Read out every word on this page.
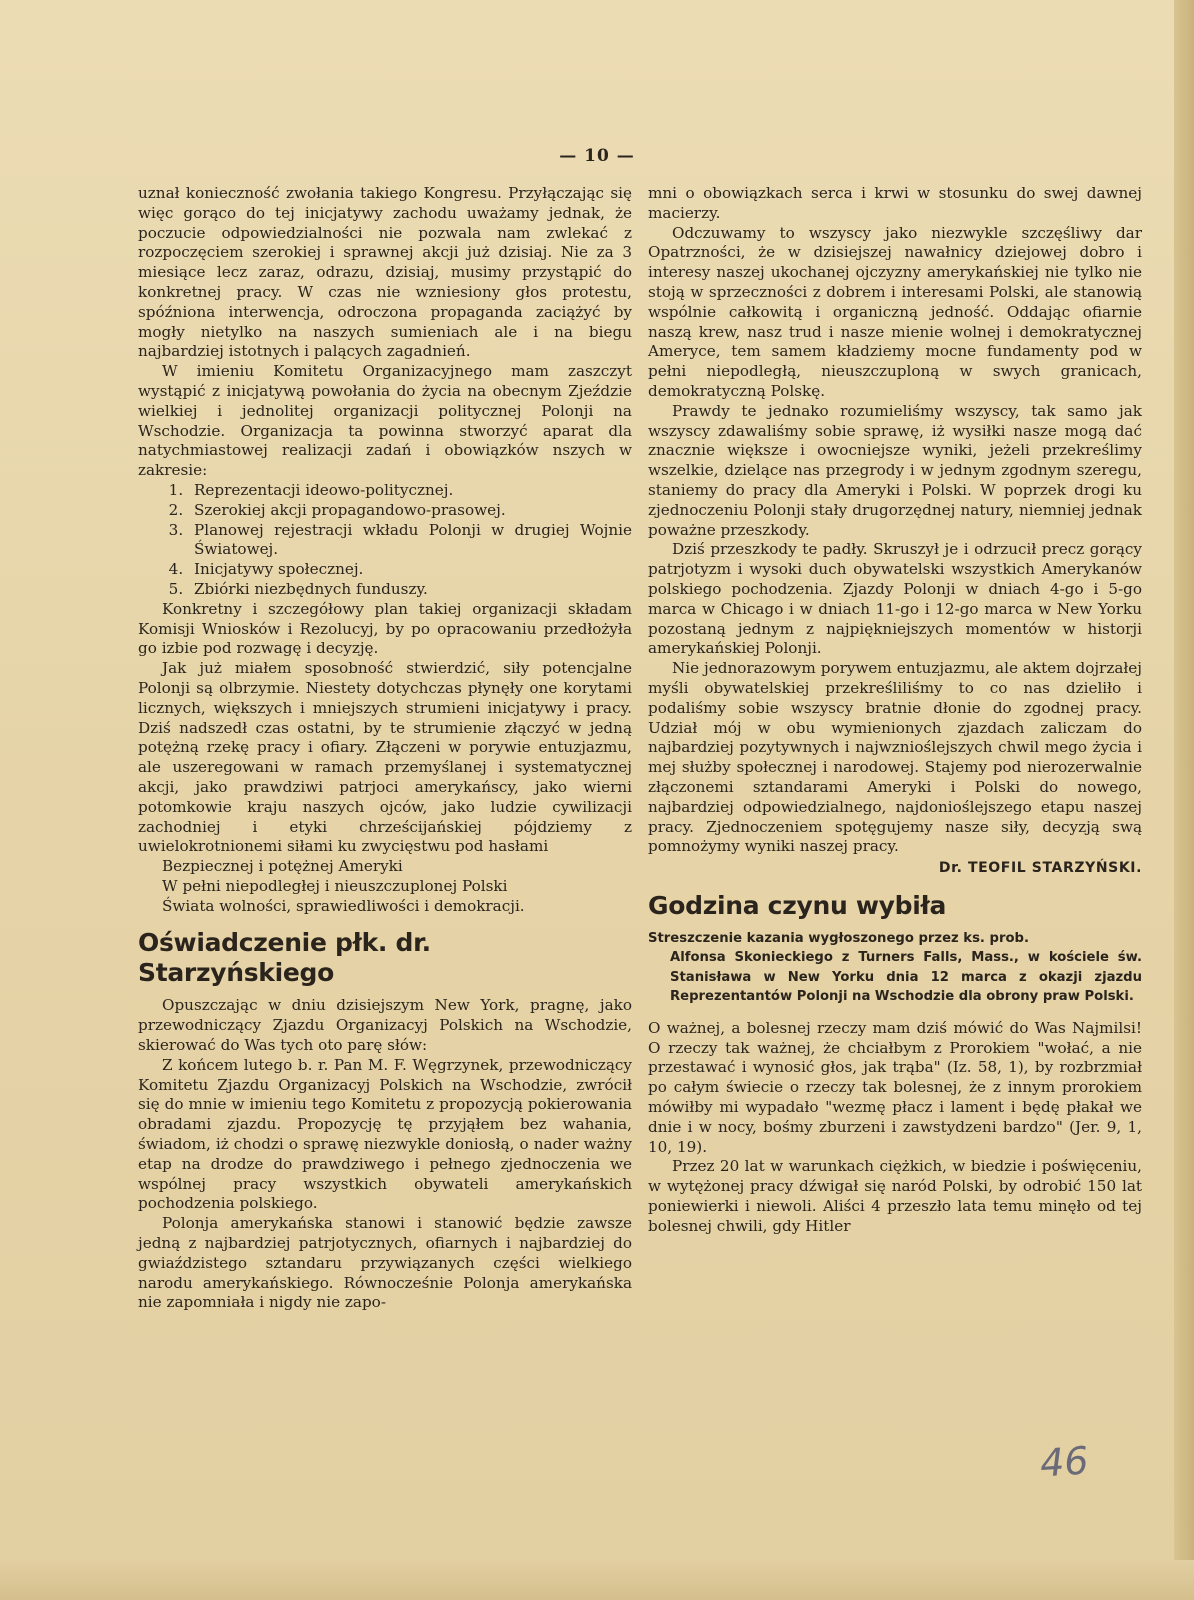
— 10 —

uznał konieczność zwołania takiego Kongresu. Przyłączając się więc gorąco do tej inicjatywy zachodu uważamy jednak, że poczucie odpowiedzialności nie pozwala nam zwlekać z rozpoczęciem szerokiej i sprawnej akcji już dzisiaj. Nie za 3 miesiące lecz zaraz, odrazu, dzisiaj, musimy przystąpić do konkretnej pracy. W czas nie wzniesiony głos protestu, spóźniona interwencja, odroczona propaganda zaciążyć by mogły nietylko na naszych sumieniach ale i na biegu najbardziej istotnych i palących zagadnień.

W imieniu Komitetu Organizacyjnego mam zaszczyt wystąpić z inicjatywą powołania do życia na obecnym Zjeździe wielkiej i jednolitej organizacji politycznej Polonji na Wschodzie. Organizacja ta powinna stworzyć aparat dla natychmiastowej realizacji zadań i obowiązków nszych w zakresie:

1. Reprezentacji ideowo-politycznej.
2. Szerokiej akcji propagandowo-prasowej.
3. Planowej rejestracji wkładu Polonji w drugiej Wojnie Światowej.
4. Inicjatywy społecznej.
5. Zbiórki niezbędnych funduszy.

Konkretny i szczegółowy plan takiej organizacji składam Komisji Wniosków i Rezolucyj, by po opracowaniu przedłożyła go izbie pod rozwagę i decyzję.

Jak już miałem sposobność stwierdzić, siły potencjalne Polonji są olbrzymie. Niestety dotychczas płynęły one korytami licznych, większych i mniejszych strumieni inicjatywy i pracy. Dziś nadszedł czas ostatni, by te strumienie złączyć w jedną potężną rzekę pracy i ofiary. Złączeni w porywie entuzjazmu, ale uszeregowani w ramach przemyślanej i systematycznej akcji, jako prawdziwi patrjoci amerykańscy, jako wierni potomkowie kraju naszych ojców, jako ludzie cywilizacji zachodniej i etyki chrześcijańskiej pójdziemy z uwielokrotnionemi siłami ku zwycięstwu pod hasłami

Bezpiecznej i potężnej Ameryki

W pełni niepodległej i nieuszczuplonej Polski

Świata wolności, sprawiedliwości i demokracji.

Oświadczenie płk. dr. Starzyńskiego

Opuszczając w dniu dzisiejszym New York, pragnę, jako przewodniczący Zjazdu Organizacyj Polskich na Wschodzie, skierować do Was tych oto parę słów:

Z końcem lutego b. r. Pan M. F. Węgrzynek, przewodniczący Komitetu Zjazdu Organizacyj Polskich na Wschodzie, zwrócił się do mnie w imieniu tego Komitetu z propozycją pokierowania obradami zjazdu. Propozycję tę przyjąłem bez wahania, świadom, iż chodzi o sprawę niezwykle doniosłą, o nader ważny etap na drodze do prawdziwego i pełnego zjednoczenia we wspólnej pracy wszystkich obywateli amerykańskich pochodzenia polskiego.

Polonja amerykańska stanowi i stanowić będzie zawsze jedną z najbardziej patrjotycznych, ofiarnych i najbardziej do gwiaździstego sztandaru przywiązanych części wielkiego narodu amerykańskiego. Równocześnie Polonja amerykańska nie zapomniała i nigdy nie zapo-

mni o obowiązkach serca i krwi w stosunku do swej dawnej macierzy.

Odczuwamy to wszyscy jako niezwykle szczęśliwy dar Opatrzności, że w dzisiejszej nawałnicy dziejowej dobro i interesy naszej ukochanej ojczyzny amerykańskiej nie tylko nie stoją w sprzeczności z dobrem i interesami Polski, ale stanowią wspólnie całkowitą i organiczną jedność. Oddając ofiarnie naszą krew, nasz trud i nasze mienie wolnej i demokratycznej Ameryce, tem samem kładziemy mocne fundamenty pod w pełni niepodległą, nieuszczuploną w swych granicach, demokratyczną Polskę.

Prawdy te jednako rozumieliśmy wszyscy, tak samo jak wszyscy zdawaliśmy sobie sprawę, iż wysiłki nasze mogą dać znacznie większe i owocniejsze wyniki, jeżeli przekreślimy wszelkie, dzielące nas przegrody i w jednym zgodnym szeregu, staniemy do pracy dla Ameryki i Polski. W poprzek drogi ku zjednoczeniu Polonji stały drugorzędnej natury, niemniej jednak poważne przeszkody.

Dziś przeszkody te padły. Skruszył je i odrzucił precz gorący patrjotyzm i wysoki duch obywatelski wszystkich Amerykanów polskiego pochodzenia. Zjazdy Polonji w dniach 4-go i 5-go marca w Chicago i w dniach 11-go i 12-go marca w New Yorku pozostaną jednym z najpiękniejszych momentów w historji amerykańskiej Polonji.

Nie jednorazowym porywem entuzjazmu, ale aktem dojrzałej myśli obywatelskiej przekreśliliśmy to co nas dzieliło i podaliśmy sobie wszyscy bratnie dłonie do zgodnej pracy. Udział mój w obu wymienionych zjazdach zaliczam do najbardziej pozytywnych i najwznioślejszych chwil mego życia i mej służby społecznej i narodowej. Stajemy pod nierozerwalnie złączonemi sztandarami Ameryki i Polski do nowego, najbardziej odpowiedzialnego, najdonioślejszego etapu naszej pracy. Zjednoczeniem spotęgujemy nasze siły, decyzją swą pomnożymy wyniki naszej pracy.

Dr. TEOFIL STARZYŃSKI.
Godzina czynu wybiła
Streszczenie kazania wygłoszonego przez ks. prob.
Alfonsa Skonieckiego z Turners Falls, Mass., w kościele św. Stanisława w New Yorku dnia 12 marca z okazji zjazdu Reprezentantów Polonji na Wschodzie dla obrony praw Polski.

O ważnej, a bolesnej rzeczy mam dziś mówić do Was Najmilsi! O rzeczy tak ważnej, że chciałbym z Prorokiem "wołać, a nie przestawać i wynosić głos, jak trąba" (Iz. 58, 1), by rozbrzmiał po całym świecie o rzeczy tak bolesnej, że z innym prorokiem mówiłby mi wypadało "wezmę płacz i lament i będę płakał we dnie i w nocy, bośmy zburzeni i zawstydzeni bardzo" (Jer. 9, 1, 10, 19).

Przez 20 lat w warunkach ciężkich, w biedzie i poświęceniu, w wytężonej pracy dźwigał się naród Polski, by odrobić 150 lat poniewierki i niewoli. Aliści 4 przeszło lata temu minęło od tej bolesnej chwili, gdy Hitler

46
